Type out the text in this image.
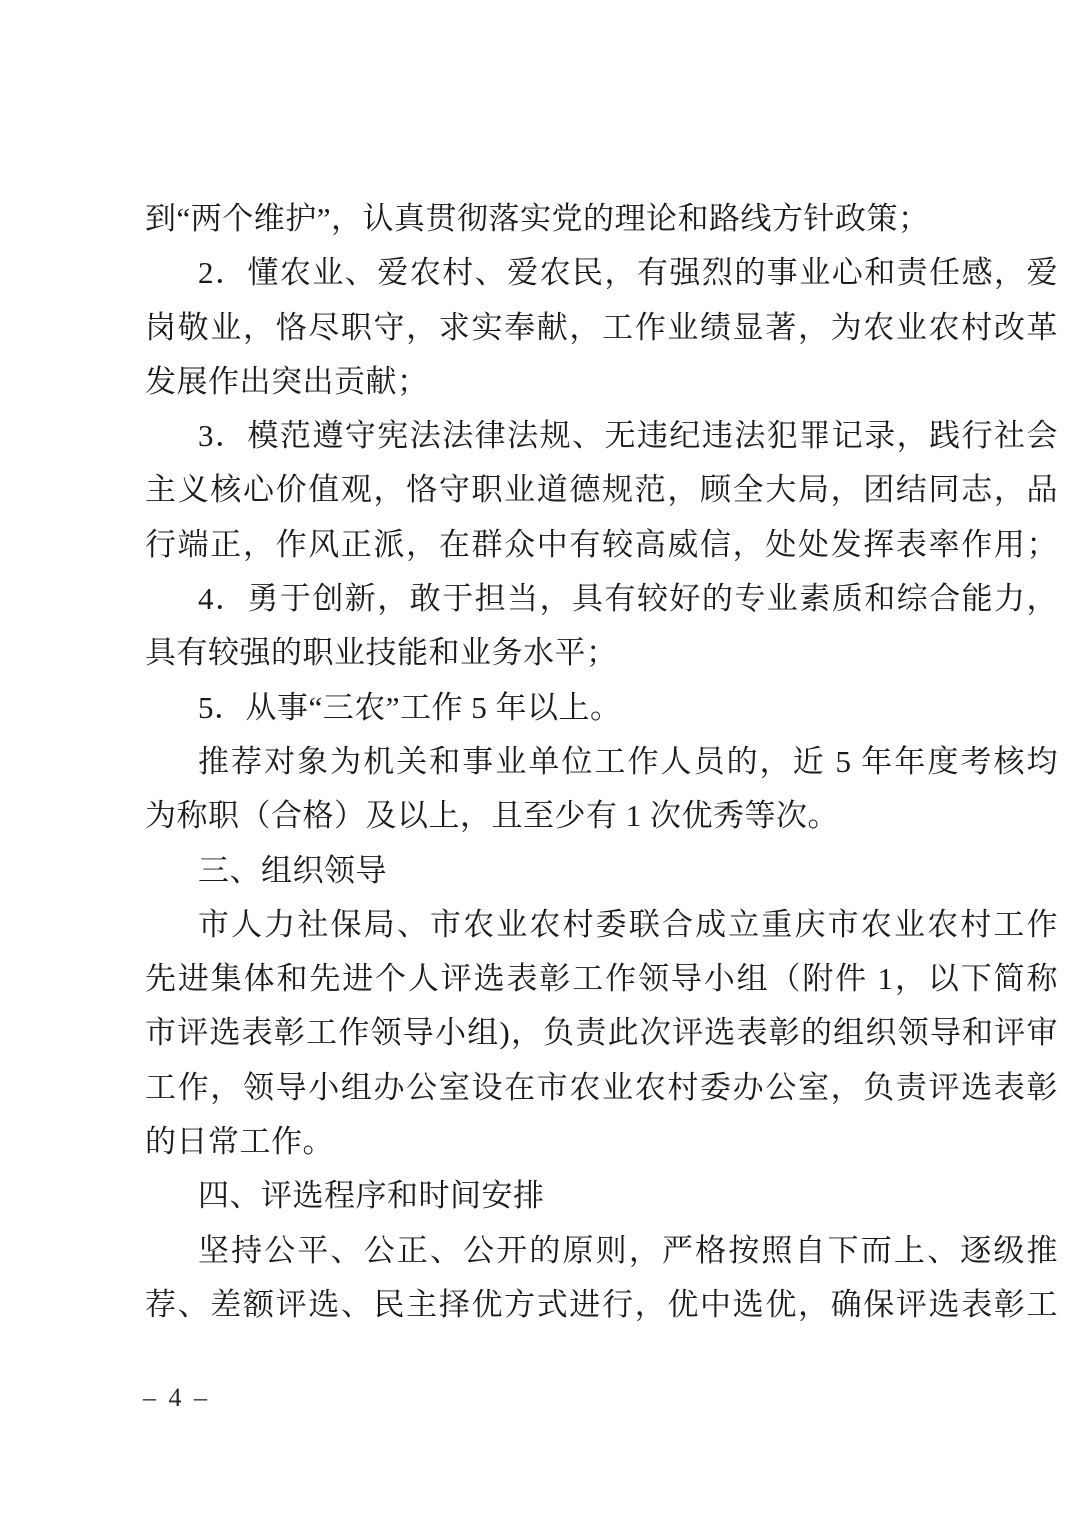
到“两个维护”，认真贯彻落实党的理论和路线方针政策；
2．懂农业、爱农村、爱农民，有强烈的事业心和责任感，爱
岗敬业，恪尽职守，求实奉献，工作业绩显著，为农业农村改革
发展作出突出贡献；
3．模范遵守宪法法律法规、无违纪违法犯罪记录，践行社会
主义核心价值观，恪守职业道德规范，顾全大局，团结同志，品
行端正，作风正派，在群众中有较高威信，处处发挥表率作用；
4．勇于创新，敢于担当，具有较好的专业素质和综合能力，
具有较强的职业技能和业务水平；
5．从事“三农”工作 5 年以上。
推荐对象为机关和事业单位工作人员的，近 5 年年度考核均
为称职（合格）及以上，且至少有 1 次优秀等次。
三、组织领导
市人力社保局、市农业农村委联合成立重庆市农业农村工作
先进集体和先进个人评选表彰工作领导小组（附件 1，以下简称
市评选表彰工作领导小组)，负责此次评选表彰的组织领导和评审
工作，领导小组办公室设在市农业农村委办公室，负责评选表彰
的日常工作。
四、评选程序和时间安排
坚持公平、公正、公开的原则，严格按照自下而上、逐级推
荐、差额评选、民主择优方式进行，优中选优，确保评选表彰工
– 4 –
